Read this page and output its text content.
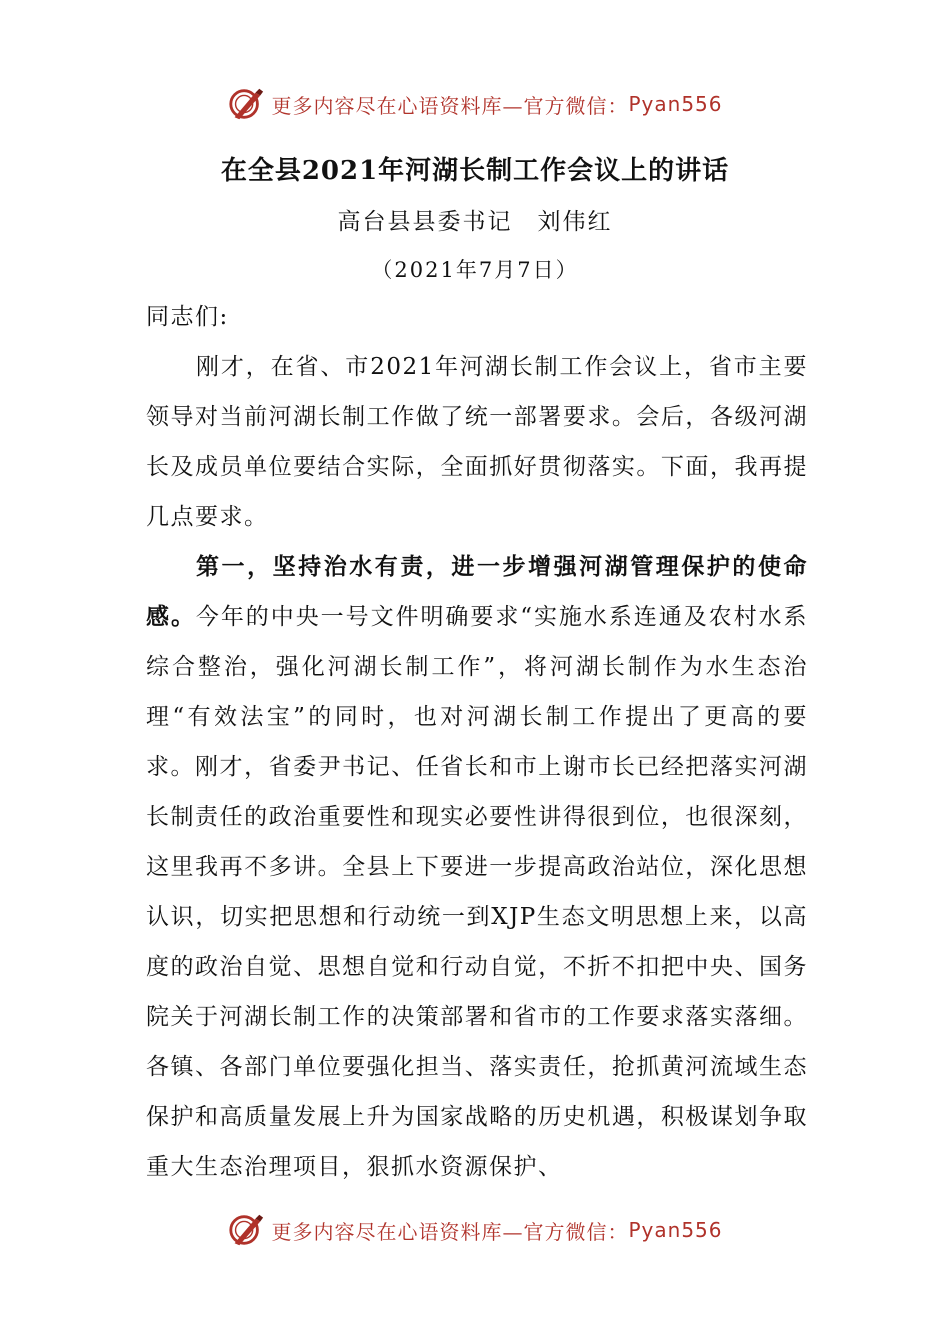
更多内容尽在心语资料库—官方微信： Pyan556
在全县2021年河湖长制工作会议上的讲话
高台县县委书记　刘伟红
（2021年7月7日）

同志们:

刚才，在省、市2021年河湖长制工作会议上，省市主要领导对当前河湖长制工作做了统一部署要求。会后，各级河湖长及成员单位要结合实际，全面抓好贯彻落实。下面，我再提几点要求。

第一，坚持治水有责，进一步增强河湖管理保护的使命感。今年的中央一号文件明确要求“实施水系连通及农村水系综合整治，强化河湖长制工作”，将河湖长制作为水生态治理“有效法宝”的同时，也对河湖长制工作提出了更高的要求。刚才，省委尹书记、任省长和市上谢市长已经把落实河湖长制责任的政治重要性和现实必要性讲得很到位，也很深刻，这里我再不多讲。全县上下要进一步提高政治站位，深化思想认识，切实把思想和行动统一到XJP生态文明思想上来，以高度的政治自觉、思想自觉和行动自觉，不折不扣把中央、国务院关于河湖长制工作的决策部署和省市的工作要求落实落细。各镇、各部门单位要强化担当、落实责任，抢抓黄河流域生态保护和高质量发展上升为国家战略的历史机遇，积极谋划争取重大生态治理项目，狠抓水资源保护、

更多内容尽在心语资料库—官方微信： Pyan556
